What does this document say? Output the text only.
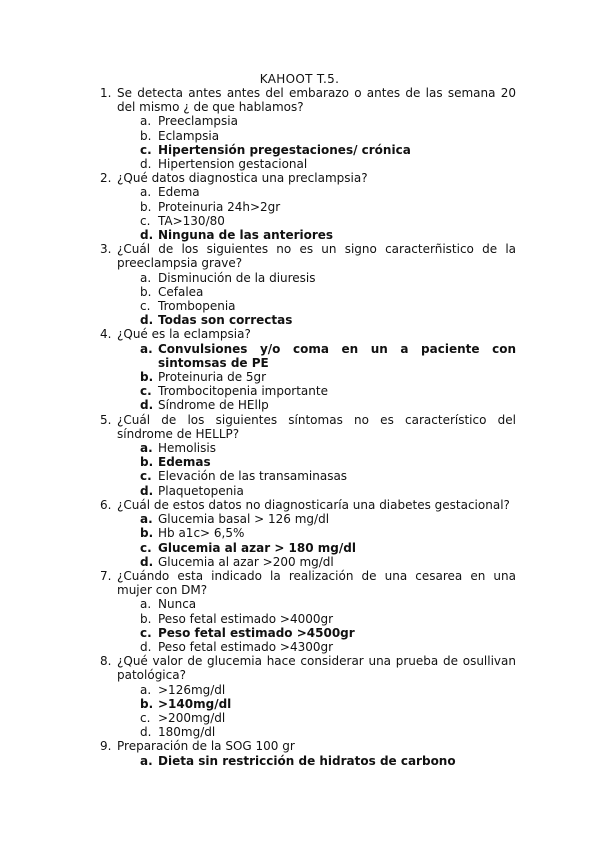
KAHOOT T.5.
1. Se detecta antes antes del embarazo o antes de las semana 20 del mismo ¿ de que hablamos?
a. Preeclampsia
b. Eclampsia
c. Hipertensión pregestaciones/ crónica
d. Hipertension gestacional
2. ¿Qué datos diagnostica una preclampsia?
a. Edema
b. Proteinuria 24h>2gr
c. TA>130/80
d. Ninguna de las anteriores
3. ¿Cuál de los siguientes no es un signo caracterñistico de la preeclampsia grave?
a. Disminución de la diuresis
b. Cefalea
c. Trombopenia
d. Todas son correctas
4. ¿Qué es la eclampsia?
a. Convulsiones y/o coma en un a paciente con sintomsas de PE
b. Proteinuria de 5gr
c. Trombocitopenia importante
d. Síndrome de HEllp
5. ¿Cuál de los siguientes síntomas no es característico del síndrome de HELLP?
a. Hemolisis
b. Edemas
c. Elevación de las transaminasas
d. Plaquetopenia
6. ¿Cuál de estos datos no diagnosticaría una diabetes gestacional?
a. Glucemia basal > 126 mg/dl
b. Hb a1c> 6,5%
c. Glucemia al azar > 180 mg/dl
d. Glucemia al azar >200 mg/dl
7. ¿Cuándo esta indicado la realización de una cesarea en una mujer con DM?
a. Nunca
b. Peso fetal estimado >4000gr
c. Peso fetal estimado >4500gr
d. Peso fetal estimado >4300gr
8. ¿Qué valor de glucemia hace considerar una prueba de osullivan patológica?
a. >126mg/dl
b. >140mg/dl
c. >200mg/dl
d. 180mg/dl
9. Preparación de la SOG 100 gr
a. Dieta sin restricción de hidratos de carbono
